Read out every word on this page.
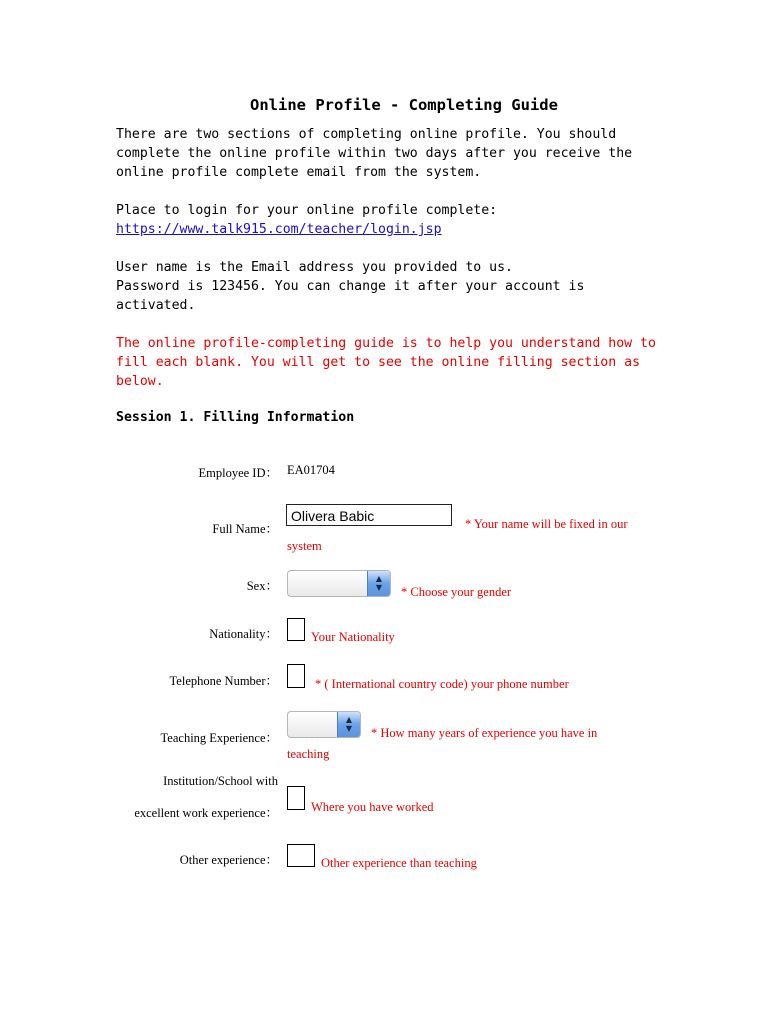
Online Profile - Completing Guide
There are two sections of completing online profile. You should
complete the online profile within two days after you receive the
online profile complete email from the system.
Place to login for your online profile complete:
https://www.talk915.com/teacher/login.jsp
User name is the Email address you provided to us.
Password is 123456. You can change it after your account is
activated.
The online profile-completing guide is to help you understand how to
fill each blank. You will get to see the online filling section as
below.
Session 1. Filling Information
Employee ID： EA01704
Full Name：
Olivera Babic	* Your name will be fixed in our
system
Sex：
▲
▼	* Choose your gender
Nationality：	Your Nationality
Telephone Number：	* ( International country code) your phone number
Teaching Experience：
▲
▼	* How many years of experience you have in
teaching
Institution/School with
excellent work experience：	Where you have worked
Other experience：	Other experience than teaching
